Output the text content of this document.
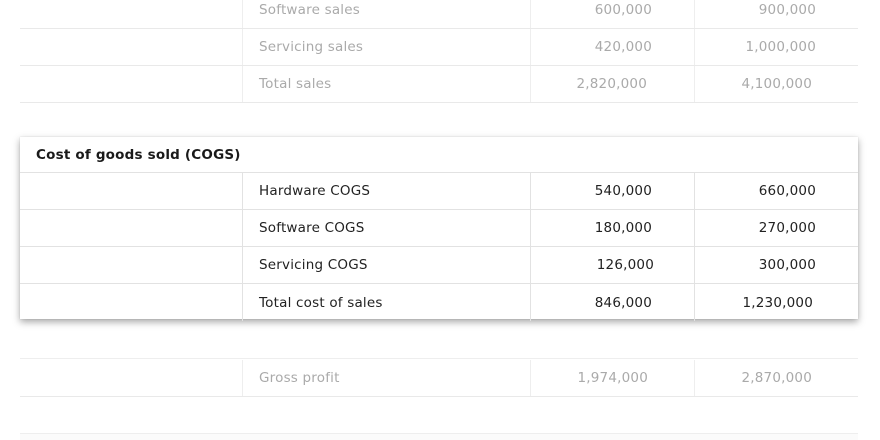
Software sales	600,000	900,000
Servicing sales	420,000	1,000,000
Total sales	2,820,000	4,100,000
Cost of goods sold (COGS)
Hardware COGS	540,000	660,000
Software COGS	180,000	270,000
Servicing COGS	126,000	300,000
Total cost of sales	846,000	1,230,000
Gross profit	1,974,000	2,870,000
